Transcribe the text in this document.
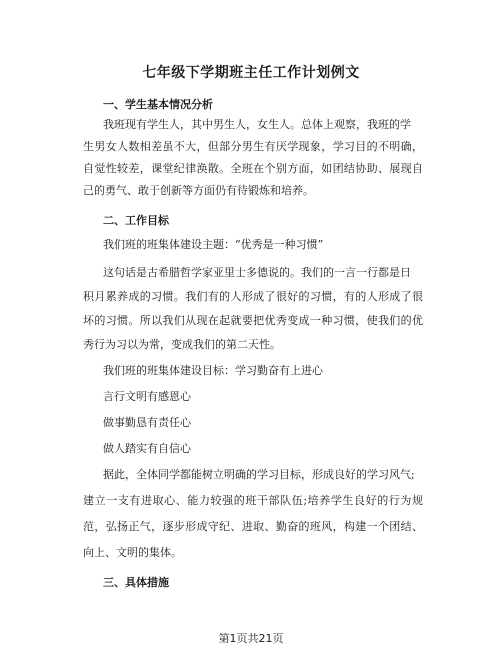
七年级下学期班主任工作计划例文
一、学生基本情况分析
我班现有学生人，其中男生人，女生人。总体上观察，我班的学
生男女人数相差虽不大，但部分男生有厌学现象，学习目的不明确，
自觉性较差，课堂纪律涣散。全班在个别方面，如团结协助、展现自
己的勇气、敢于创新等方面仍有待锻炼和培养。
二、工作目标
我们班的班集体建设主题：“优秀是一种习惯”
这句话是古希腊哲学家亚里士多德说的。我们的一言一行都是日
积月累养成的习惯。我们有的人形成了很好的习惯，有的人形成了很
坏的习惯。所以我们从现在起就要把优秀变成一种习惯，使我们的优
秀行为习以为常，变成我们的第二天性。
我们班的班集体建设目标：学习勤奋有上进心
言行文明有感恩心
做事勤恳有责任心
做人踏实有自信心
据此，全体同学都能树立明确的学习目标，形成良好的学习风气;
建立一支有进取心、能力较强的班干部队伍;培养学生良好的行为规
范，弘扬正气，逐步形成守纪、进取、勤奋的班风，构建一个团结、
向上、文明的集体。
三、具体措施
第1页共21页
